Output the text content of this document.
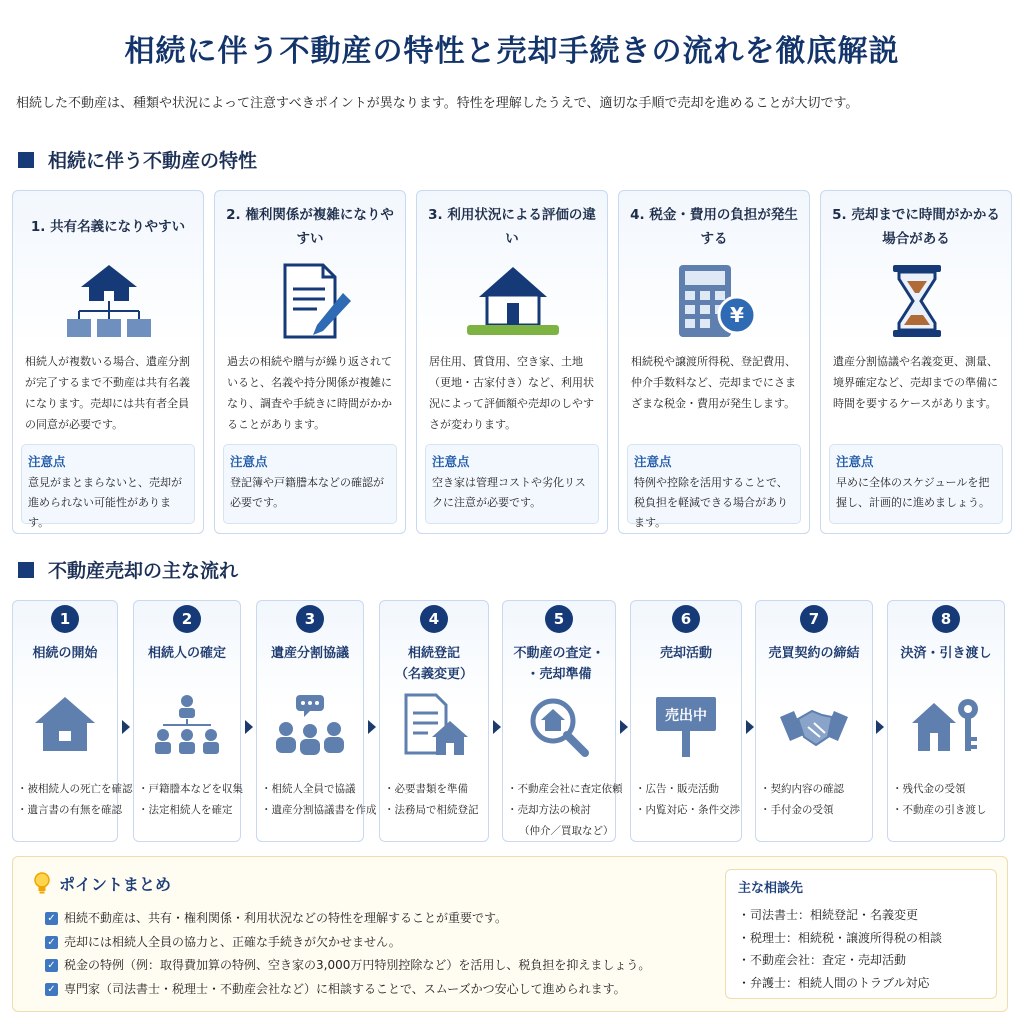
相続に伴う不動産の特性と売却手続きの流れを徹底解説
相続した不動産は、種類や状況によって注意すべきポイントが異なります。特性を理解したうえで、適切な手順で売却を進めることが大切です。
相続に伴う不動産の特性
1. 共有名義になりやすい
相続人が複数いる場合、遺産分割が完了するまで不動産は共有名義になります。売却には共有者全員の同意が必要です。
注意点
意見がまとまらないと、売却が進められない可能性があります。
2. 権利関係が複雑になりやすい
過去の相続や贈与が繰り返されていると、名義や持分関係が複雑になり、調査や手続きに時間がかかることがあります。
注意点
登記簿や戸籍謄本などの確認が必要です。
3. 利用状況による評価の違い
居住用、賃貸用、空き家、土地（更地・古家付き）など、利用状況によって評価額や売却のしやすさが変わります。
注意点
空き家は管理コストや劣化リスクに注意が必要です。
4. 税金・費用の負担が発生する
¥
相続税や譲渡所得税、登記費用、仲介手数料など、売却までにさまざまな税金・費用が発生します。
注意点
特例や控除を活用することで、税負担を軽減できる場合があります。
5. 売却までに時間がかかる場合がある
遺産分割協議や名義変更、測量、境界確定など、売却までの準備に時間を要するケースがあります。
注意点
早めに全体のスケジュールを把握し、計画的に進めましょう。
不動産売却の主な流れ
1
相続の開始
・被相続人の死亡を確認
・遺言書の有無を確認
2
相続人の確定
・戸籍謄本などを収集
・法定相続人を確定
3
遺産分割協議
・相続人全員で協議
・遺産分割協議書を作成
4
相続登記
（名義変更）
・必要書類を準備
・法務局で相続登記
5
不動産の査定・
・売却準備
・不動産会社に査定依頼
・売却方法の検討
（仲介／買取など）
6
売却活動
売出中
・広告・販売活動
・内覧対応・条件交渉
7
売買契約の締結
・契約内容の確認
・手付金の受領
8
決済・引き渡し
・残代金の受領
・不動産の引き渡し
ポイントまとめ
✓ 相続不動産は、共有・権利関係・利用状況などの特性を理解することが重要です。
✓ 売却には相続人全員の協力と、正確な手続きが欠かせません。
✓ 税金の特例（例：取得費加算の特例、空き家の3,000万円特別控除など）を活用し、税負担を抑えましょう。
✓ 専門家（司法書士・税理士・不動産会社など）に相談することで、スムーズかつ安心して進められます。
主な相談先
・司法書士：相続登記・名義変更
・税理士：相続税・譲渡所得税の相談
・不動産会社：査定・売却活動
・弁護士：相続人間のトラブル対応
